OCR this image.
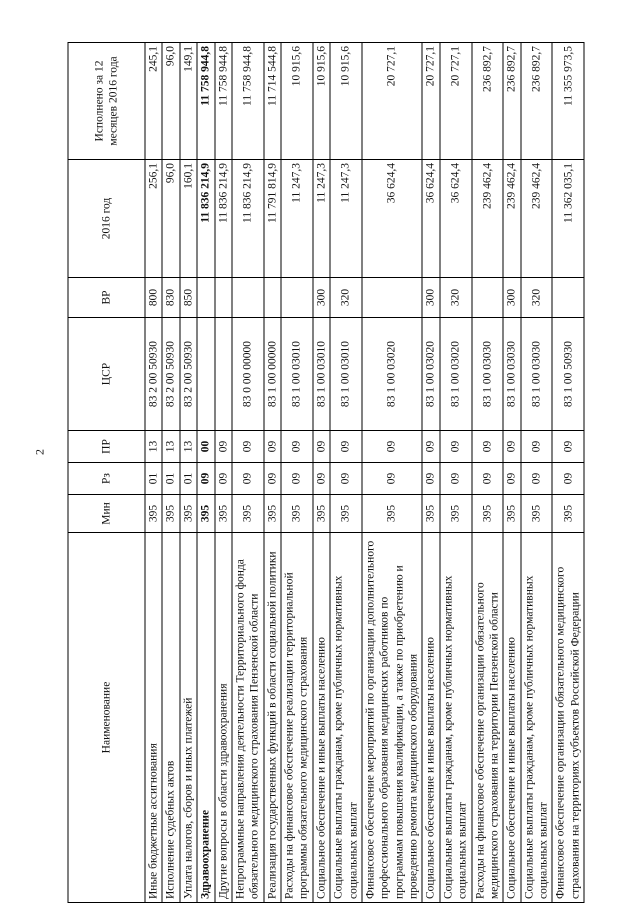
2
Наименование	Мин	Рз	ПР	ЦСР	ВР	2016 год	Исполнено за 12 месяцев 2016 года
Иные бюджетные ассигнования	395	01	13	83 2 00 50930	800	256,1	245,1
Исполнение судебных актов	395	01	13	83 2 00 50930	830	96,0	96,0
Уплата налогов, сборов и иных платежей	395	01	13	83 2 00 50930	850	160,1	149,1
Здравоохранение	395	09	00			11 836 214,9	11 758 944,8
Другие вопросы в области здравоохранения	395	09	09			11 836 214,9	11 758 944,8
Непрограммные направления деятельности Территориального фонда обязательного медицинского страхования Пензенской области	395	09	09	83 0 00 00000		11 836 214,9	11 758 944,8
Реализация государственных функций в области социальной политики	395	09	09	83 1 00 00000		11 791 814,9	11 714 544,8
Расходы на финансовое обеспечение реализации территориальной программы обязательного медицинского страхования	395	09	09	83 1 00 03010		11 247,3	10 915,6
Социальное обеспечение и иные выплаты населению	395	09	09	83 1 00 03010	300	11 247,3	10 915,6
Социальные выплаты гражданам, кроме публичных нормативных социальных выплат	395	09	09	83 1 00 03010	320	11 247,3	10 915,6
Финансовое обеспечение мероприятий по организации дополнительного профессионального образования медицинских работников по программам повышения квалификации, а также по приобретению и проведению ремонта медицинского оборудования	395	09	09	83 1 00 03020		36 624,4	20 727,1
Социальное обеспечение и иные выплаты населению	395	09	09	83 1 00 03020	300	36 624,4	20 727,1
Социальные выплаты гражданам, кроме публичных нормативных социальных выплат	395	09	09	83 1 00 03020	320	36 624,4	20 727,1
Расходы на финансовое обеспечение организации обязательного медицинского страхования на территории Пензенской области	395	09	09	83 1 00 03030		239 462,4	236 892,7
Социальное обеспечение и иные выплаты населению	395	09	09	83 1 00 03030	300	239 462,4	236 892,7
Социальные выплаты гражданам, кроме публичных нормативных социальных выплат	395	09	09	83 1 00 03030	320	239 462,4	236 892,7
Финансовое обеспечение организации обязательного медицинского страхования на территориях субъектов Российской Федерации	395	09	09	83 1 00 50930		11 362 035,1	11 355 973,5
